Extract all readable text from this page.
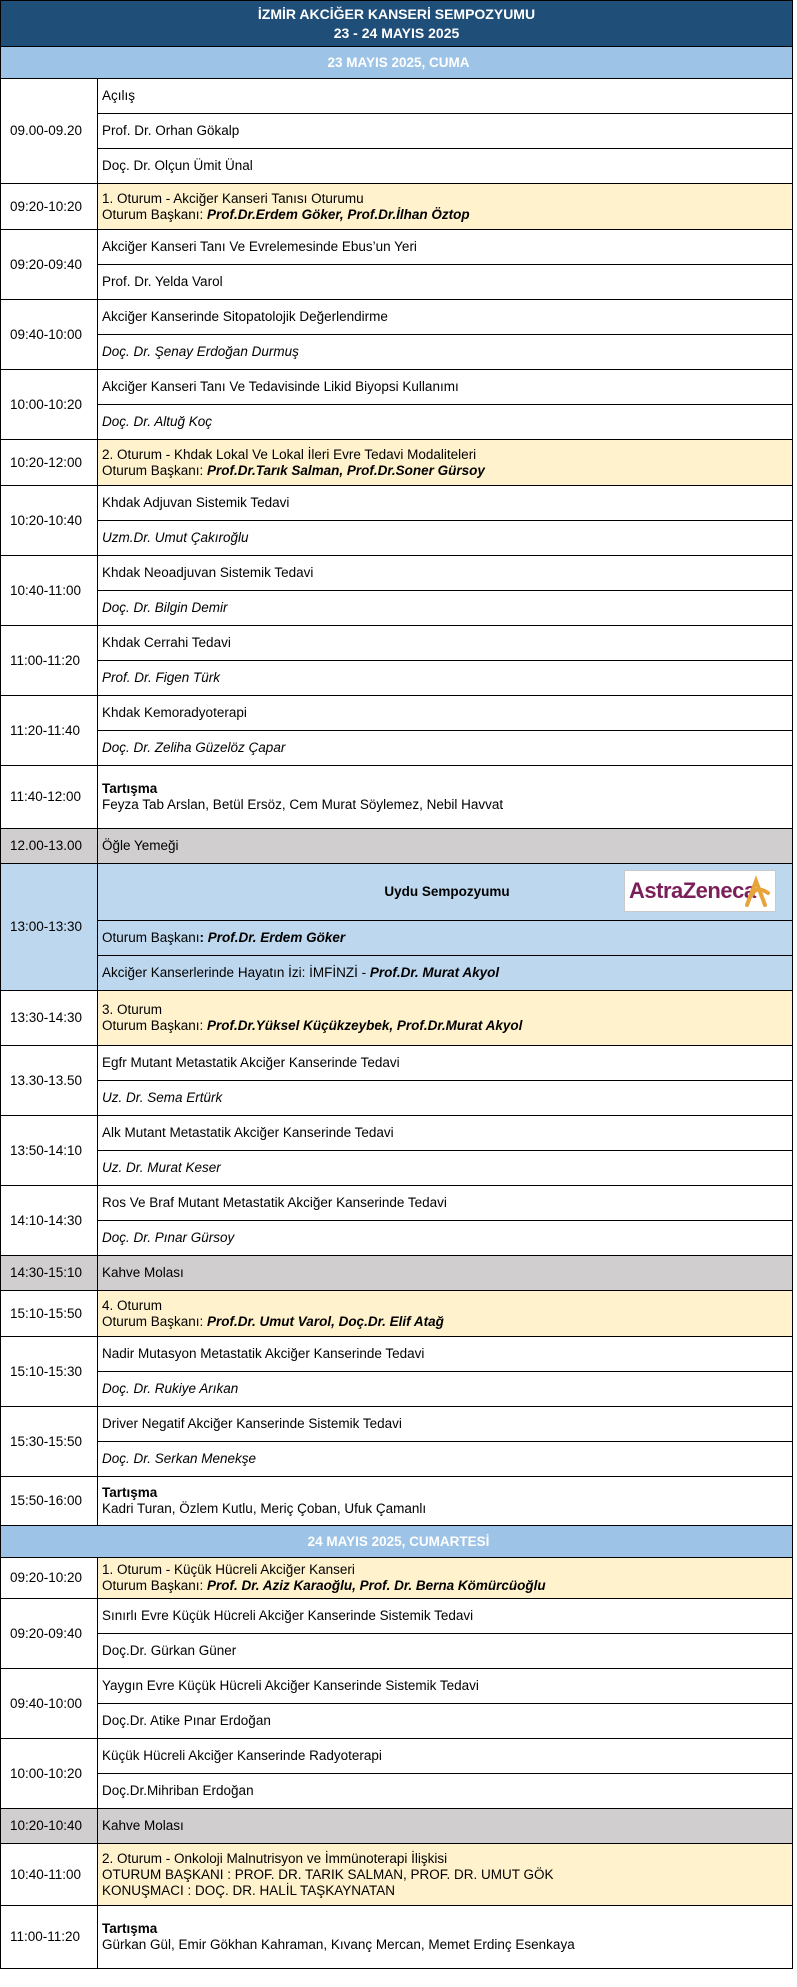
İZMİR AKCİĞER KANSERİ SEMPOZYUMU
23 - 24 MAYIS 2025	

23 MAYIS 2025, CUMA	
09.00-09.20	Açılış
	Prof. Dr. Orhan Gökalp
	Doç. Dr. Olçun Ümit Ünal
09:20-10:20	1. Oturum - Akciğer Kanseri Tanısı Oturumu
Oturum Başkanı: Prof.Dr.Erdem Göker, Prof.Dr.İlhan Öztop

09:20-09:40	Akciğer Kanseri Tanı Ve Evrelemesinde Ebus’un Yeri
	Prof. Dr. Yelda Varol
09:40-10:00	Akciğer Kanserinde Sitopatolojik Değerlendirme
	Doç. Dr. Şenay Erdoğan Durmuş
10:00-10:20	Akciğer Kanseri Tanı Ve Tedavisinde Likid Biyopsi Kullanımı
	Doç. Dr. Altuğ Koç
10:20-12:00	2. Oturum - Khdak Lokal Ve Lokal İleri Evre Tedavi Modaliteleri
Oturum Başkanı: Prof.Dr.Tarık Salman, Prof.Dr.Soner Gürsoy

10:20-10:40	Khdak Adjuvan Sistemik Tedavi
	Uzm.Dr. Umut Çakıroğlu
10:40-11:00	Khdak Neoadjuvan Sistemik Tedavi
	Doç. Dr. Bilgin Demir
11:00-11:20	Khdak Cerrahi Tedavi
	Prof. Dr. Figen Türk
11:20-11:40	Khdak Kemoradyoterapi
	Doç. Dr. Zeliha Güzelöz Çapar
11:40-12:00	Tartışma
Feyza Tab Arslan, Betül Ersöz, Cem Murat Söylemez, Nebil Havvat

12.00-13.00	Öğle Yemeği
13:00-13:30	Uydu Sempozyumu AstraZeneca

	Oturum Başkanı: Prof.Dr. Erdem Göker
	Akciğer Kanserlerinde Hayatın İzi: İMFİNZİ - Prof.Dr. Murat Akyol
13:30-14:30	3. Oturum
Oturum Başkanı: Prof.Dr.Yüksel Küçükzeybek, Prof.Dr.Murat Akyol

13.30-13.50	Egfr Mutant Metastatik Akciğer Kanserinde Tedavi
	Uz. Dr. Sema Ertürk
13:50-14:10	Alk Mutant Metastatik Akciğer Kanserinde Tedavi
	Uz. Dr. Murat Keser
14:10-14:30	Ros Ve Braf Mutant Metastatik Akciğer Kanserinde Tedavi
	Doç. Dr. Pınar Gürsoy
14:30-15:10	Kahve Molası
15:10-15:50	4. Oturum
Oturum Başkanı: Prof.Dr. Umut Varol, Doç.Dr. Elif Atağ

15:10-15:30	Nadir Mutasyon Metastatik Akciğer Kanserinde Tedavi
	Doç. Dr. Rukiye Arıkan
15:30-15:50	Driver Negatif Akciğer Kanserinde Sistemik Tedavi
	Doç. Dr. Serkan Menekşe
15:50-16:00	Tartışma
Kadri Turan, Özlem Kutlu, Meriç Çoban, Ufuk Çamanlı

24 MAYIS 2025, CUMARTESİ	
09:20-10:20	1. Oturum - Küçük Hücreli Akciğer Kanseri
Oturum Başkanı: Prof. Dr. Aziz Karaoğlu, Prof. Dr. Berna Kömürcüoğlu

09:20-09:40	Sınırlı Evre Küçük Hücreli Akciğer Kanserinde Sistemik Tedavi
	Doç.Dr. Gürkan Güner
09:40-10:00	Yaygın Evre Küçük Hücreli Akciğer Kanserinde Sistemik Tedavi
	Doç.Dr. Atike Pınar Erdoğan
10:00-10:20	Küçük Hücreli Akciğer Kanserinde Radyoterapi
	Doç.Dr.Mihriban Erdoğan
10:20-10:40	Kahve Molası
10:40-11:00	2. Oturum - Onkoloji Malnutrisyon ve İmmünoterapi İlişkisi
OTURUM BAŞKANI : PROF. DR. TARIK SALMAN, PROF. DR. UMUT GÖK
KONUŞMACI : DOÇ. DR. HALİL TAŞKAYNATAN

11:00-11:20	Tartışma
Gürkan Gül, Emir Gökhan Kahraman, Kıvanç Mercan, Memet Erdinç Esenkaya
